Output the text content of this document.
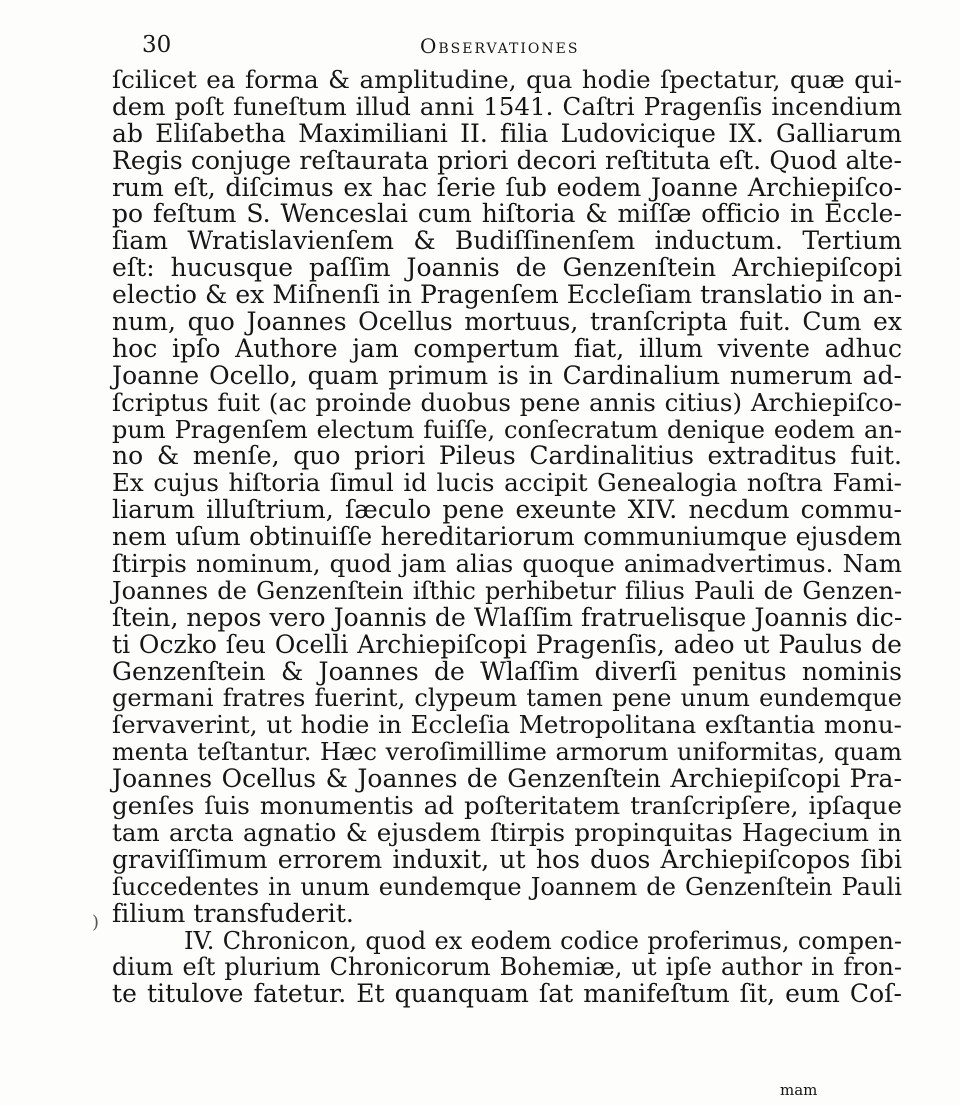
30	Observationes
ſcilicet ea forma & amplitudine, qua hodie ſpectatur, quæ qui-
dem poſt funeſtum illud anni 1541. Caſtri Pragenſis incendium
ab Eliſabetha Maximiliani II. filia Ludovicique IX. Galliarum
Regis conjuge reſtaurata priori decori reſtituta eſt. Quod alte-
rum eſt, diſcimus ex hac ſerie ſub eodem Joanne Archiepiſco-
po feſtum S. Wenceslai cum hiſtoria & miſſæ officio in Eccle-
ſiam Wratislavienſem & Budiſſinenſem inductum. Tertium
eſt: hucusque paſſim Joannis de Genzenſtein Archiepiſcopi
electio & ex Miſnenſi in Pragenſem Eccleſiam translatio in an-
num, quo Joannes Ocellus mortuus, tranſcripta fuit. Cum ex
hoc ipſo Authore jam compertum fiat, illum vivente adhuc
Joanne Ocello, quam primum is in Cardinalium numerum ad-
ſcriptus fuit (ac proinde duobus pene annis citius) Archiepiſco-
pum Pragenſem electum fuiſſe, conſecratum denique eodem an-
no & menſe, quo priori Pileus Cardinalitius extraditus fuit.
Ex cujus hiſtoria ſimul id lucis accipit Genealogia noſtra Fami-
liarum illuſtrium, ſæculo pene exeunte XIV. necdum commu-
nem uſum obtinuiſſe hereditariorum communiumque ejusdem
ſtirpis nominum, quod jam alias quoque animadvertimus. Nam
Joannes de Genzenſtein iſthic perhibetur filius Pauli de Genzen-
ſtein, nepos vero Joannis de Wlaſſim fratruelisque Joannis dic-
ti Oczko ſeu Ocelli Archiepiſcopi Pragenſis, adeo ut Paulus de
Genzenſtein & Joannes de Wlaſſim diverſi penitus nominis
germani fratres fuerint, clypeum tamen pene unum eundemque
ſervaverint, ut hodie in Eccleſia Metropolitana exſtantia monu-
menta teſtantur. Hæc veroſimillime armorum uniformitas, quam
Joannes Ocellus & Joannes de Genzenſtein Archiepiſcopi Pra-
genſes ſuis monumentis ad poſteritatem tranſcripſere, ipſaque
tam arcta agnatio & ejusdem ſtirpis propinquitas Hagecium in
graviſſimum errorem induxit, ut hos duos Archiepiſcopos ſibi
ſuccedentes in unum eundemque Joannem de Genzenſtein Pauli
filium transfuderit.
IV. Chronicon, quod ex eodem codice proferimus, compen-
dium eſt plurium Chronicorum Bohemiæ, ut ipſe author in fron-
te titulove fatetur. Et quanquam ſat manifeſtum ſit, eum Coſ-
)
mam
